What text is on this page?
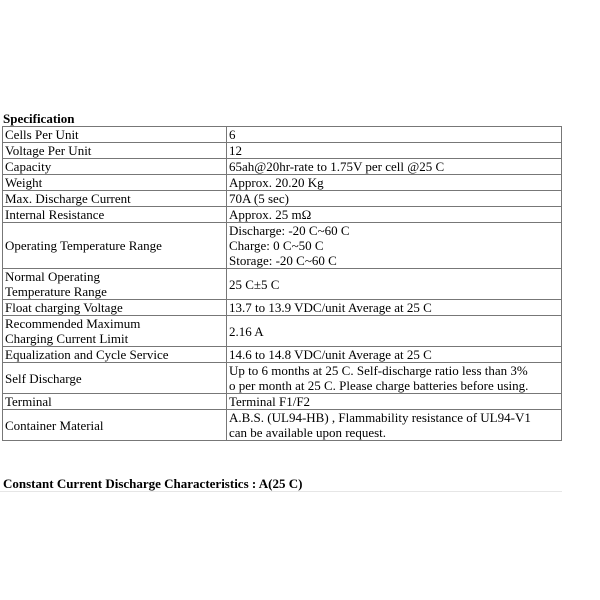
Specification
Cells Per Unit	6

Voltage Per Unit	12

Capacity	65ah@20hr-rate to 1.75V per cell @25 C

Weight	Approx. 20.20 Kg

Max. Discharge Current	70A (5 sec)

Internal Resistance	Approx. 25 mΩ

Operating Temperature Range	Discharge: -20 C~60 C
Charge: 0 C~50 C
Storage: -20 C~60 C

Normal Operating
Temperature Range	25 C±5 C

Float charging Voltage	13.7 to 13.9 VDC/unit Average at 25 C

Recommended Maximum
Charging Current Limit	2.16 A

Equalization and Cycle Service	14.6 to 14.8 VDC/unit Average at 25 C

Self Discharge	Up to 6 months at 25 C. Self-discharge ratio less than 3%
o per month at 25 C. Please charge batteries before using.

Terminal	Terminal F1/F2

Container Material	A.B.S. (UL94-HB) , Flammability resistance of UL94-V1
can be available upon request.
Constant Current Discharge Characteristics : A(25 C)
